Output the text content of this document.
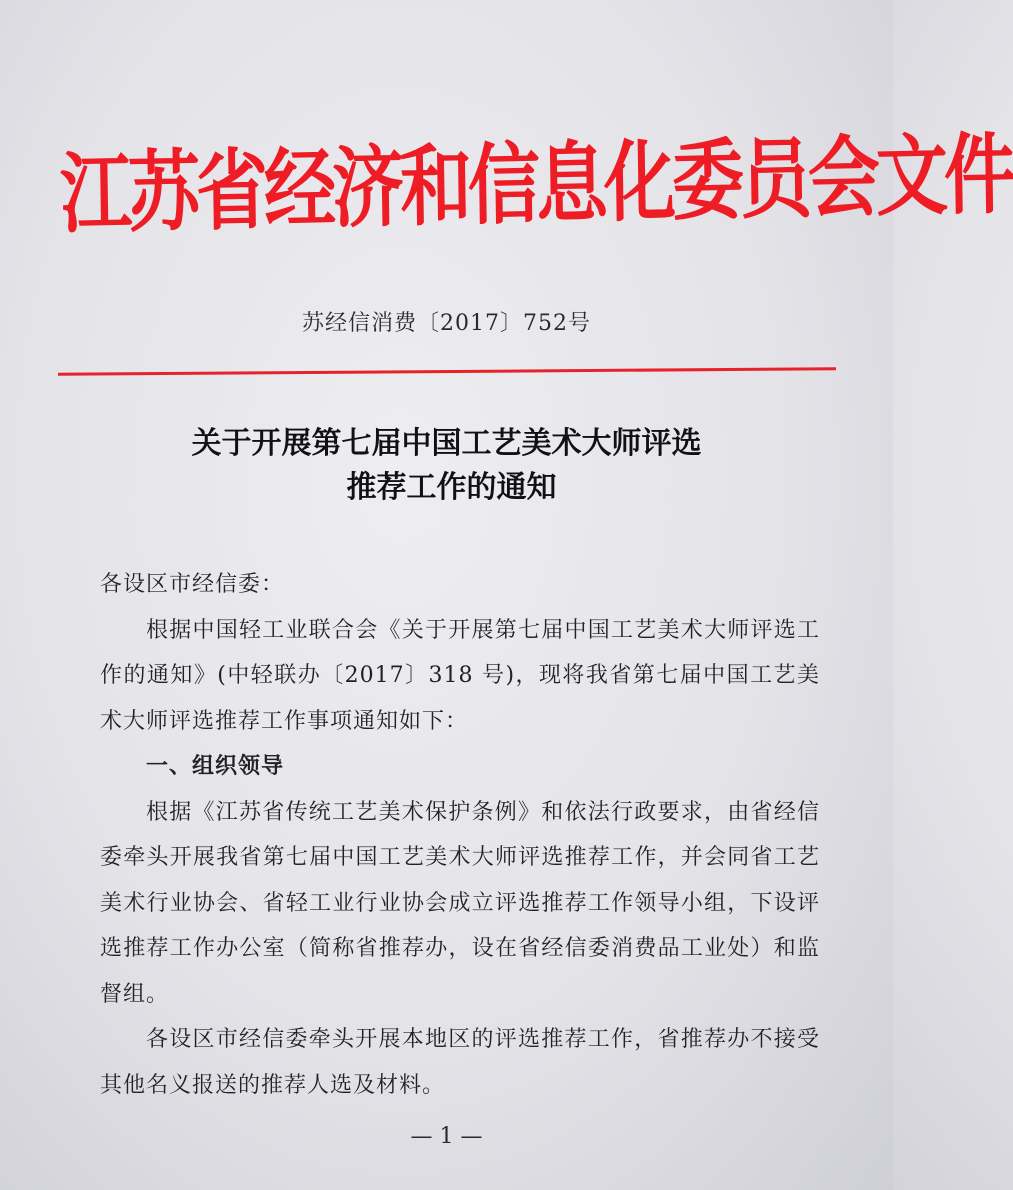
江苏省经济和信息化委员会文件
苏经信消费〔2017〕752号
关于开展第七届中国工艺美术大师评选
推荐工作的通知

各设区市经信委：

根据中国轻工业联合会《关于开展第七届中国工艺美术大师评选工作的通知》(中轻联办〔2017〕318 号)，现将我省第七届中国工艺美术大师评选推荐工作事项通知如下：

一、组织领导

根据《江苏省传统工艺美术保护条例》和依法行政要求，由省经信委牵头开展我省第七届中国工艺美术大师评选推荐工作，并会同省工艺美术行业协会、省轻工业行业协会成立评选推荐工作领导小组，下设评选推荐工作办公室（简称省推荐办，设在省经信委消费品工业处）和监督组。

各设区市经信委牵头开展本地区的评选推荐工作，省推荐办不接受其他名义报送的推荐人选及材料。

— 1 —
